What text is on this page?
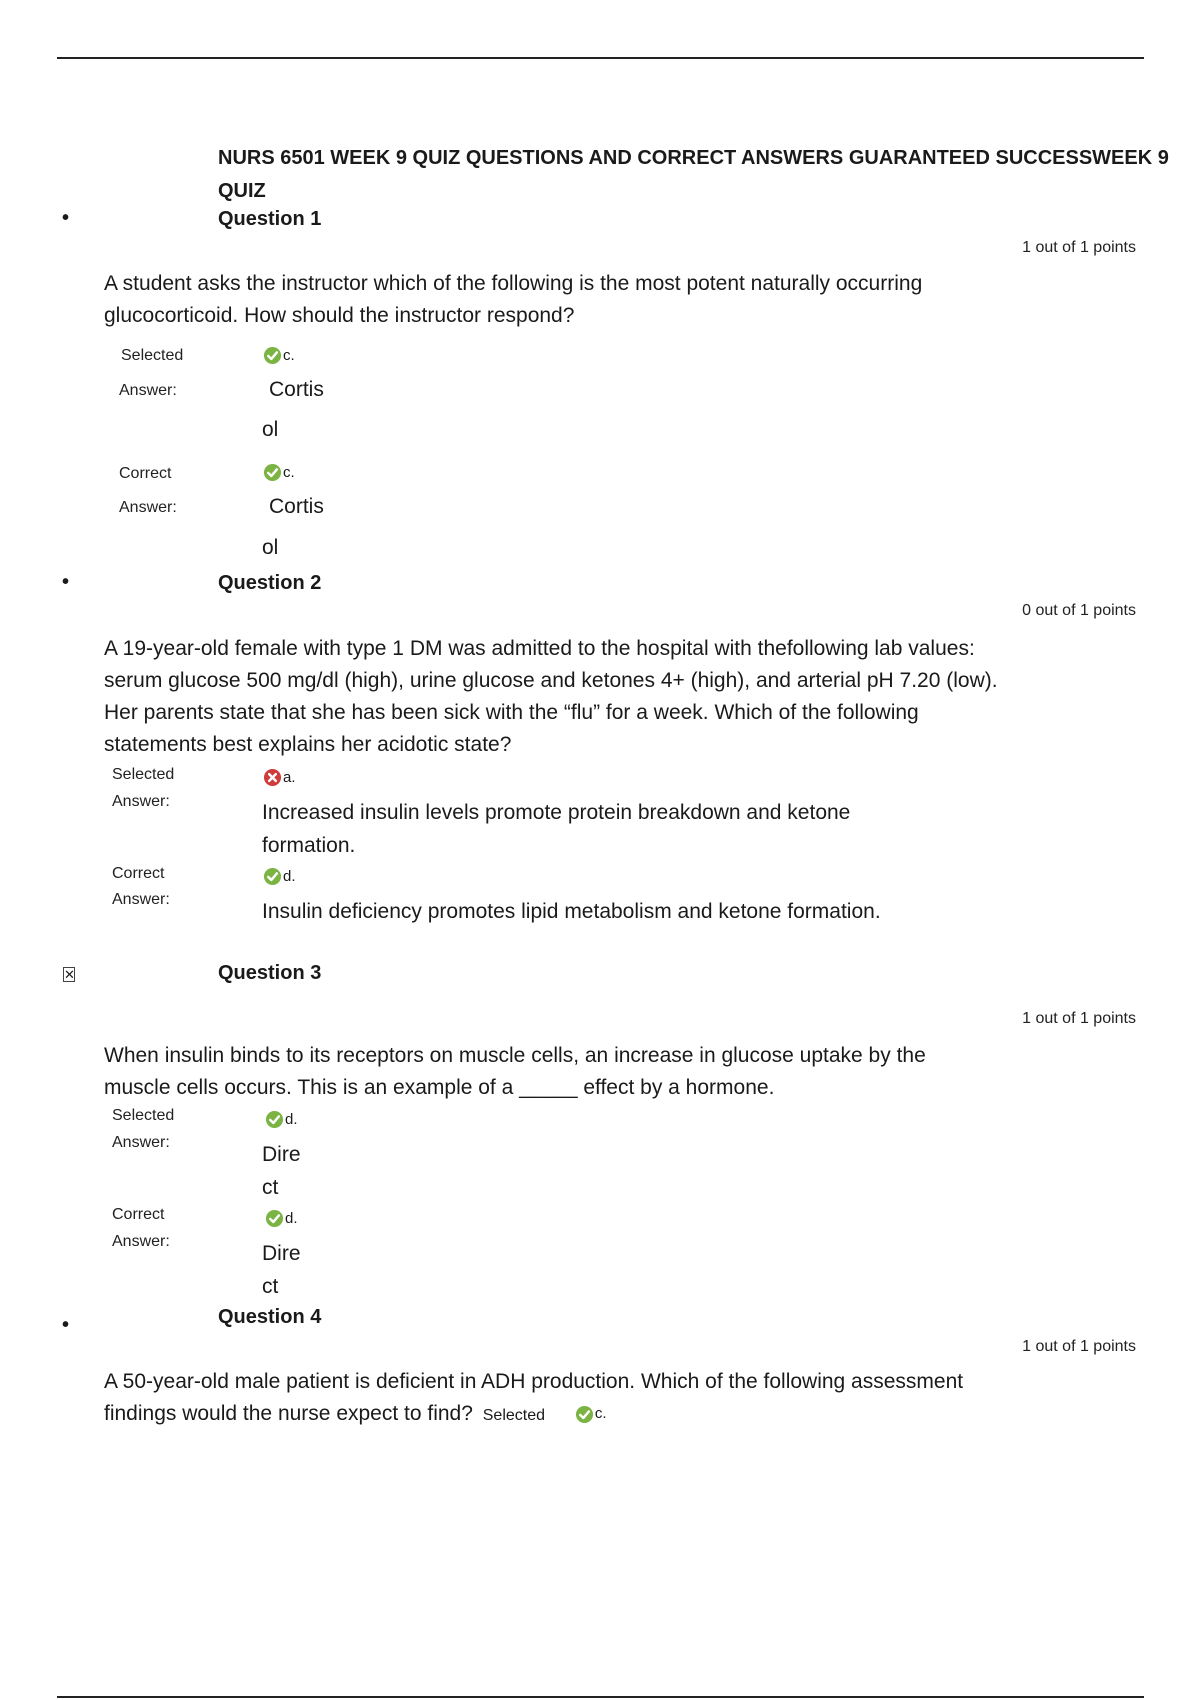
NURS 6501 WEEK 9 QUIZ QUESTIONS AND CORRECT ANSWERS GUARANTEED SUCCESSWEEK 9
QUIZ
•	Question 1
1 out of 1 points
A student asks the instructor which of the following is the most potent naturally occurring glucocorticoid. How should the instructor respond?
Selected
Answer:
c.
Cortis
ol
Correct
Answer:
c.
Cortis
ol
•	Question 2
0 out of 1 points
A 19-year-old female with type 1 DM was admitted to the hospital with thefollowing lab values: serum glucose 500 mg/dl (high), urine glucose and ketones 4+ (high), and arterial pH 7.20 (low). Her parents state that she has been sick with the “flu” for a week. Which of the following statements best explains her acidotic state?
Selected
Answer:
a.
Increased insulin levels promote protein breakdown and ketone
formation.
Correct
Answer:
d.
Insulin deficiency promotes lipid metabolism and ketone formation.
✕	Question 3
1 out of 1 points
When insulin binds to its receptors on muscle cells, an increase in glucose uptake by the muscle cells occurs. This is an example of a _____ effect by a hormone.
Selected
Answer:
d.
Dire
ct
Correct
Answer:
d.
Dire
ct
•	Question 4
1 out of 1 points
A 50-year-old male patient is deficient in ADH production. Which of the following assessment findings would the nurse expect to find? Selected	c.
